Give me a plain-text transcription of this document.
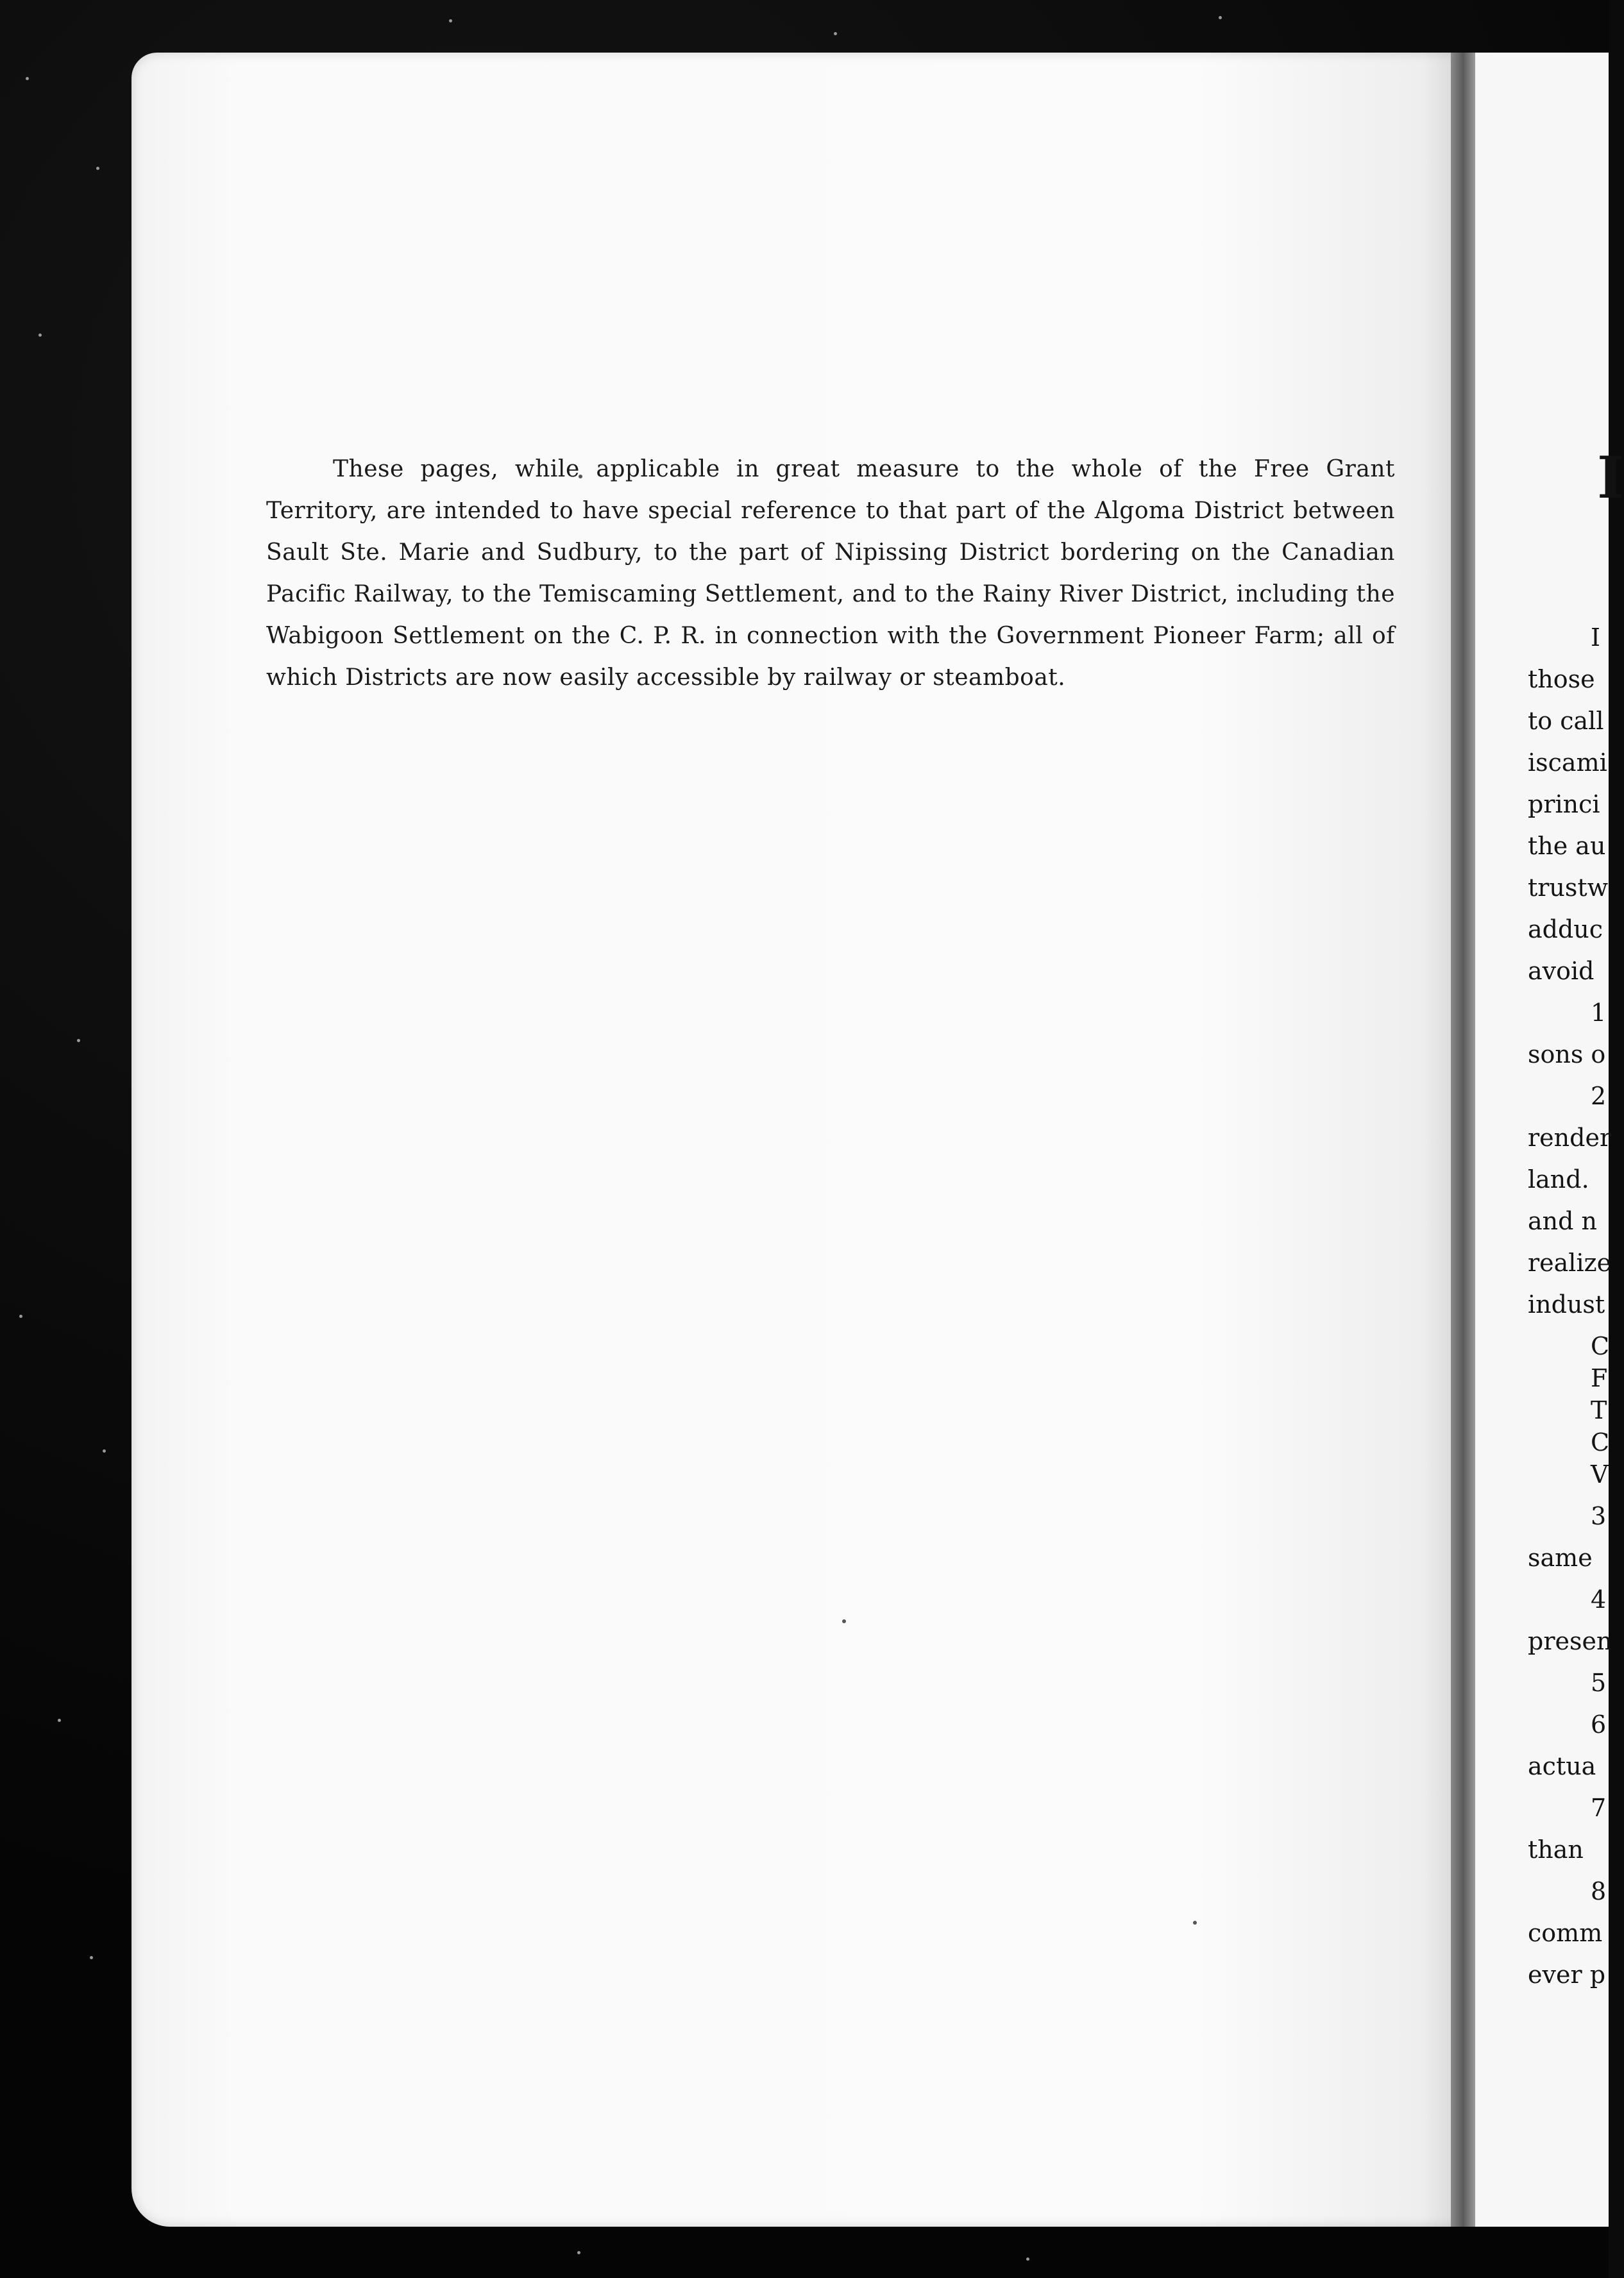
These pages, while applicable in great measure to the whole of the Free Grant Territory, are intended to have special reference to that part of the Algoma District between Sault Ste. Marie and Sudbury, to the part of Nipissing District bordering on the Canadian Pacific Railway, to the Temiscaming Settlement, and to the Rainy River District, including the Wabigoon Settlement on the C. P. R. in connection with the Government Pioneer Farm; all of which Districts are now easily accessible by railway or steamboat.

I
I
those
to call
iscami
princi
the au
trustw
adduc
avoid
1
sons o
2
render
land.
and n
realize
indust
C
F
T
C
V
3
same
4
presen
5
6
actua
7
than
8
comm
ever p
